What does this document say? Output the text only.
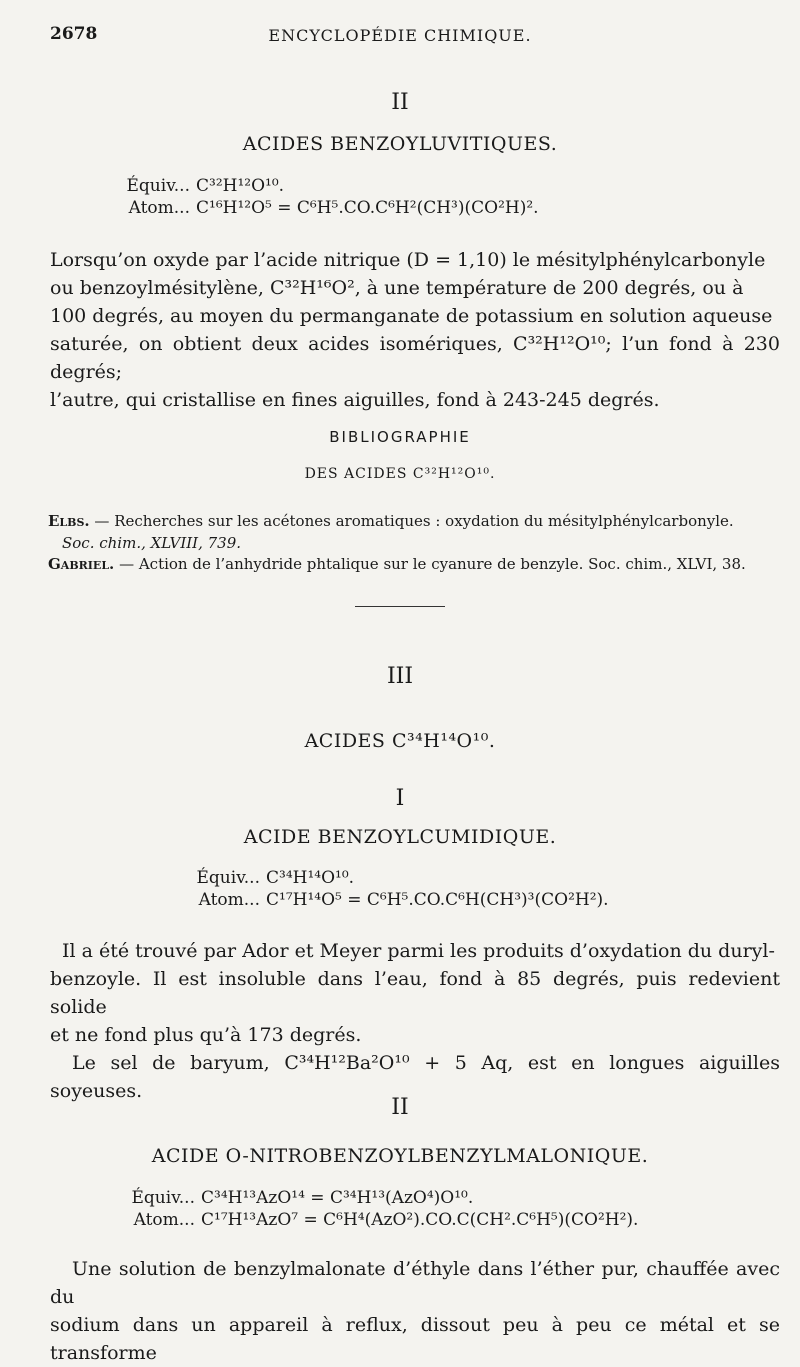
2678	ENCYCLOPÉDIE CHIMIQUE.
II
ACIDES BENZOYLUVITIQUES.
Équiv... C³²H¹²O¹⁰.
Atom... C¹⁶H¹²O⁵ = C⁶H⁵.CO.C⁶H²(CH³)(CO²H)².
Lorsqu’on oxyde par l’acide nitrique (D = 1,10) le mésitylphénylcarbonyle
ou benzoylmésitylène, C³²H¹⁶O², à une température de 200 degrés, ou à
100 degrés, au moyen du permanganate de potassium en solution aqueuse
saturée, on obtient deux acides isomériques, C³²H¹²O¹⁰; l’un fond à 230 degrés;
l’autre, qui cristallise en fines aiguilles, fond à 243-245 degrés.
BIBLIOGRAPHIE
DES ACIDES C³²H¹²O¹⁰.
Elbs. — Recherches sur les acétones aromatiques : oxydation du mésitylphénylcarbonyle.
Soc. chim., XLVIII, 739.
Gabriel. — Action de l’anhydride phtalique sur le cyanure de benzyle. Soc. chim., XLVI, 38.
III
ACIDES C³⁴H¹⁴O¹⁰.
I
ACIDE BENZOYLCUMIDIQUE.
Équiv... C³⁴H¹⁴O¹⁰.
Atom... C¹⁷H¹⁴O⁵ = C⁶H⁵.CO.C⁶H(CH³)³(CO²H²).
Il a été trouvé par Ador et Meyer parmi les produits d’oxydation du duryl-
benzoyle. Il est insoluble dans l’eau, fond à 85 degrés, puis redevient solide
et ne fond plus qu’à 173 degrés.
Le sel de baryum, C³⁴H¹²Ba²O¹⁰ + 5 Aq, est en longues aiguilles soyeuses.
II
ACIDE O-NITROBENZOYLBENZYLMALONIQUE.
Équiv... C³⁴H¹³AzO¹⁴ = C³⁴H¹³(AzO⁴)O¹⁰.
Atom... C¹⁷H¹³AzO⁷ = C⁶H⁴(AzO²).CO.C(CH².C⁶H⁵)(CO²H²).
Une solution de benzylmalonate d’éthyle dans l’éther pur, chauffée avec du
sodium dans un appareil à reflux, dissout peu à peu ce métal et se transforme
